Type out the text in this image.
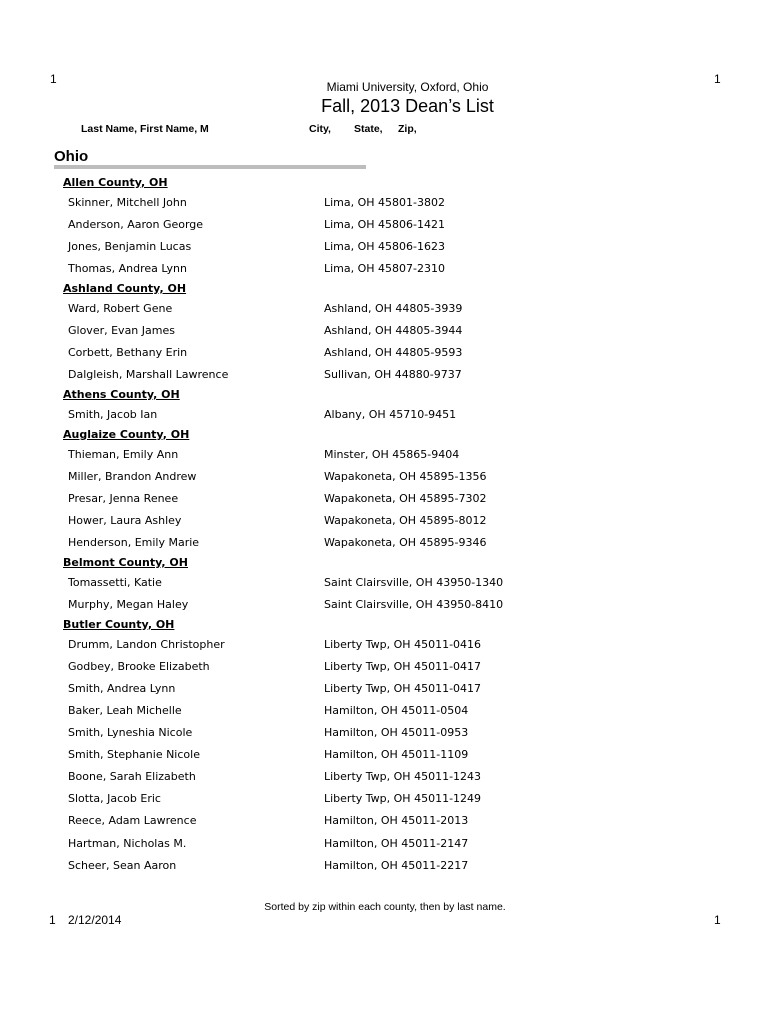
1	1
Miami University, Oxford, Ohio
Fall, 2013 Dean’s List
Last Name, First Name, M	City, State, Zip,
Ohio
Allen County, OH
Skinner, Mitchell John	Lima, OH 45801-3802
Anderson, Aaron George	Lima, OH 45806-1421
Jones, Benjamin Lucas	Lima, OH 45806-1623
Thomas, Andrea Lynn	Lima, OH 45807-2310
Ashland County, OH
Ward, Robert Gene	Ashland, OH 44805-3939
Glover, Evan James	Ashland, OH 44805-3944
Corbett, Bethany Erin	Ashland, OH 44805-9593
Dalgleish, Marshall Lawrence	Sullivan, OH 44880-9737
Athens County, OH
Smith, Jacob Ian	Albany, OH 45710-9451
Auglaize County, OH
Thieman, Emily Ann	Minster, OH 45865-9404
Miller, Brandon Andrew	Wapakoneta, OH 45895-1356
Presar, Jenna Renee	Wapakoneta, OH 45895-7302
Hower, Laura Ashley	Wapakoneta, OH 45895-8012
Henderson, Emily Marie	Wapakoneta, OH 45895-9346
Belmont County, OH
Tomassetti, Katie	Saint Clairsville, OH 43950-1340
Murphy, Megan Haley	Saint Clairsville, OH 43950-8410
Butler County, OH
Drumm, Landon Christopher	Liberty Twp, OH 45011-0416
Godbey, Brooke Elizabeth	Liberty Twp, OH 45011-0417
Smith, Andrea Lynn	Liberty Twp, OH 45011-0417
Baker, Leah Michelle	Hamilton, OH 45011-0504
Smith, Lyneshia Nicole	Hamilton, OH 45011-0953
Smith, Stephanie Nicole	Hamilton, OH 45011-1109
Boone, Sarah Elizabeth	Liberty Twp, OH 45011-1243
Slotta, Jacob Eric	Liberty Twp, OH 45011-1249
Reece, Adam Lawrence	Hamilton, OH 45011-2013
Hartman, Nicholas M.	Hamilton, OH 45011-2147
Scheer, Sean Aaron	Hamilton, OH 45011-2217
Sorted by zip within each county, then by last name.
1 2/12/2014	1
